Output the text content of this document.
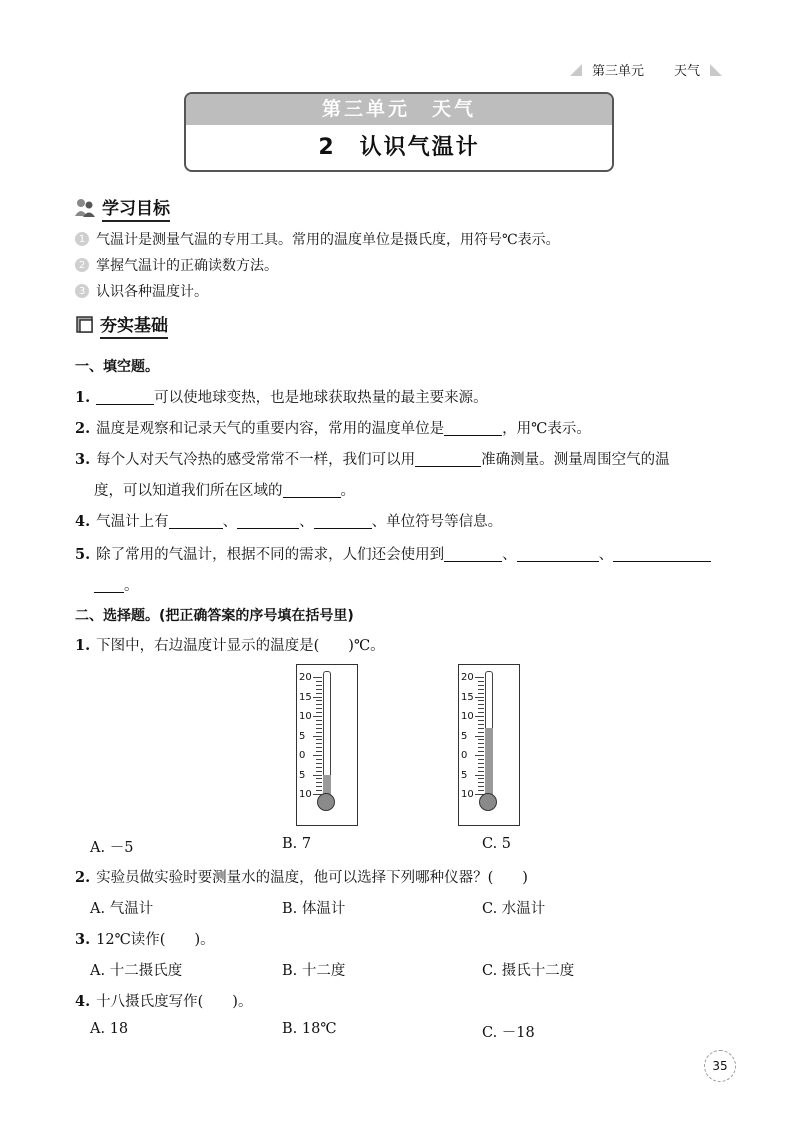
第三单元 天气
第三单元　天气
2　认识气温计
学习目标
1 气温计是测量气温的专用工具。常用的温度单位是摄氏度，用符号℃表示。
2 掌握气温计的正确读数方法。
3 认识各种温度计。
夯实基础
一、填空题。
1.	可以使地球变热，也是地球获取热量的最主要来源。
2. 温度是观察和记录天气的重要内容，常用的温度单位是	，用℃表示。
3. 每个人对天气冷热的感受常常不一样，我们可以用	准确测量。测量周围空气的温
度，可以知道我们所在区域的	。
4. 气温计上有	、	、	、单位符号等信息。
5. 除了常用的气温计，根据不同的需求，人们还会使用到	、	、
。
二、选择题。(把正确答案的序号填在括号里)
1. 下图中，右边温度计显示的温度是(　　)℃。
20
15
10
5
0
5
10
20
15
10
5
0
5
10
A. －5	B. 7	C. 5
2. 实验员做实验时要测量水的温度，他可以选择下列哪种仪器？(　　)
A. 气温计	B. 体温计	C. 水温计
3. 12℃读作(　　)。
A. 十二摄氏度	B. 十二度	C. 摄氏十二度
4. 十八摄氏度写作(　　)。
A. 18	B. 18℃	C. －18
35
